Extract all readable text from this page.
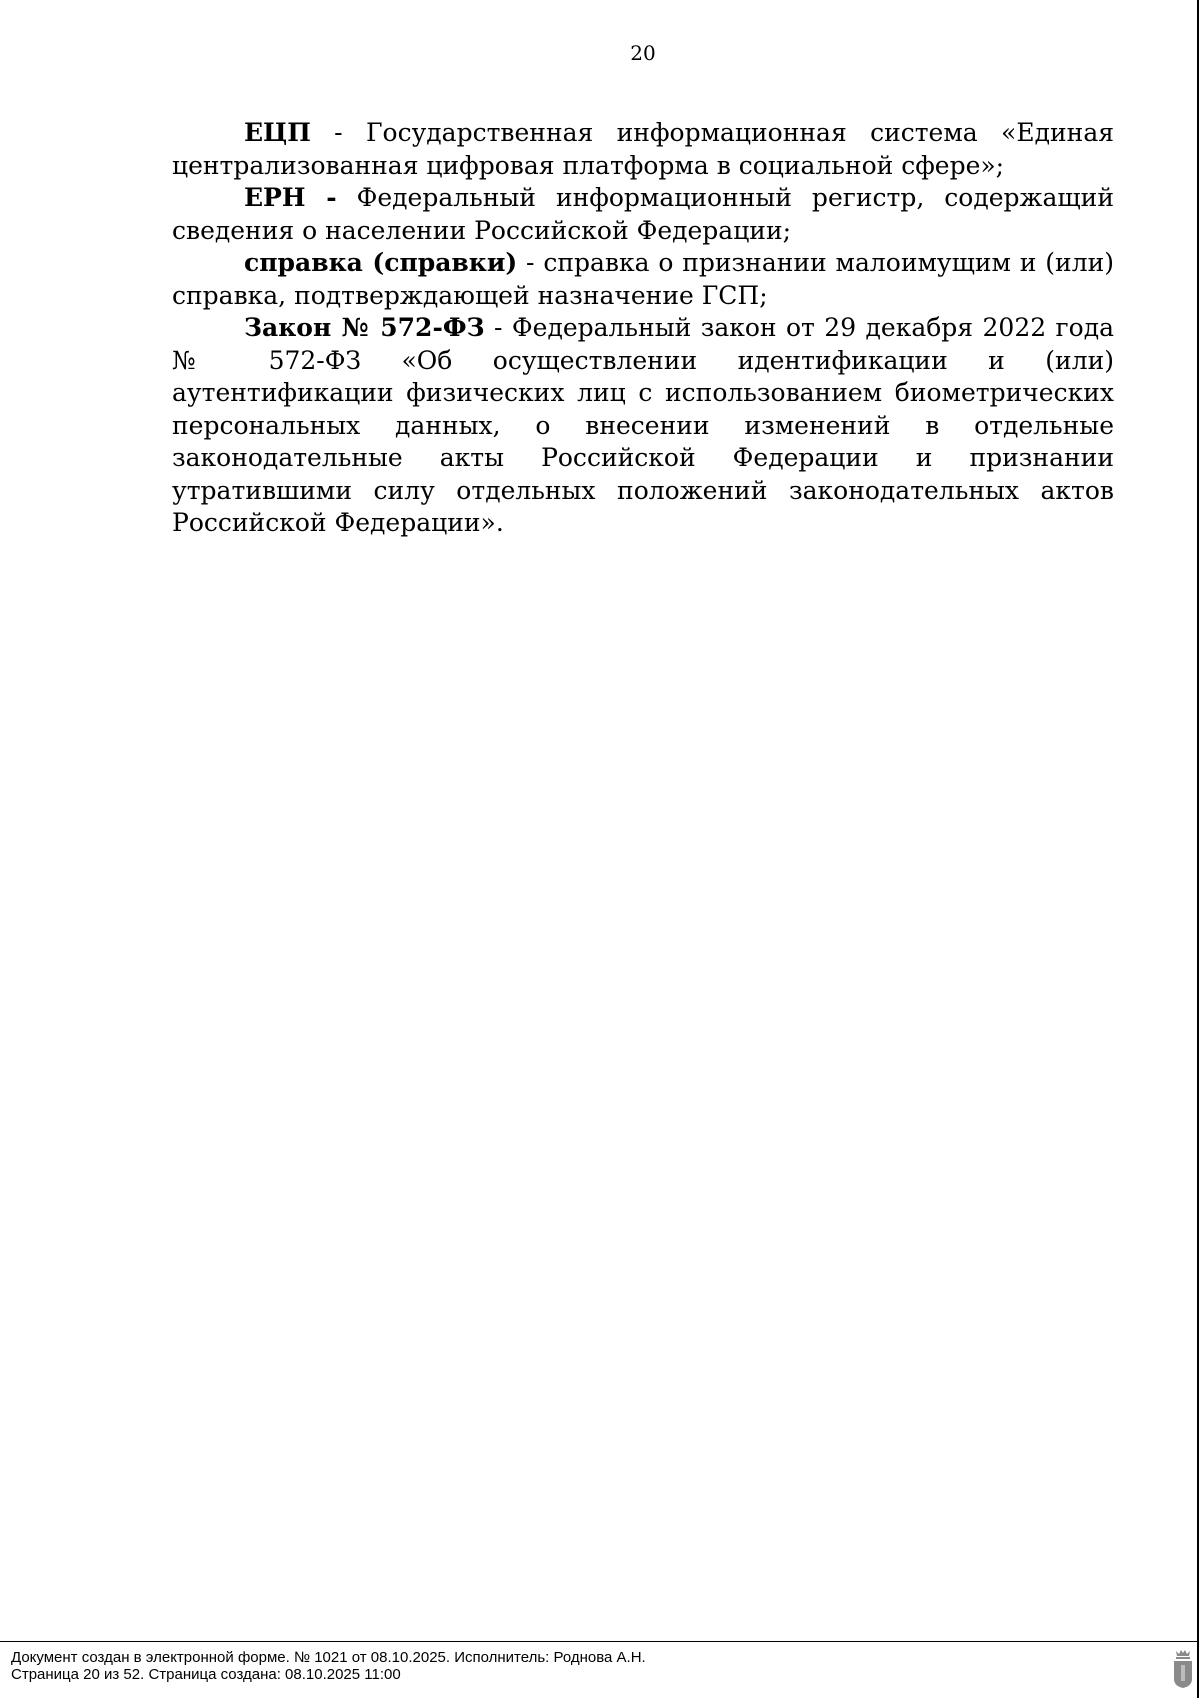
20

ЕЦП - Государственная информационная система «Единая централизованная цифровая платформа в социальной сфере»;

ЕРН - Федеральный информационный регистр, содержащий сведения о населении Российской Федерации;

справка (справки) - справка о признании малоимущим и (или) справка, подтверждающей назначение ГСП;

Закон № 572-ФЗ - Федеральный закон от 29 декабря 2022 года № 572-ФЗ «Об осуществлении идентификации и (или) аутентификации физических лиц с использованием биометрических персональных данных, о внесении изменений в отдельные законодательные акты Российской Федерации и признании утратившими силу отдельных положений законодательных актов Российской Федерации».

Документ создан в электронной форме. № 1021 от 08.10.2025. Исполнитель: Роднова А.Н.
Страница 20 из 52. Страница создана: 08.10.2025 11:00
